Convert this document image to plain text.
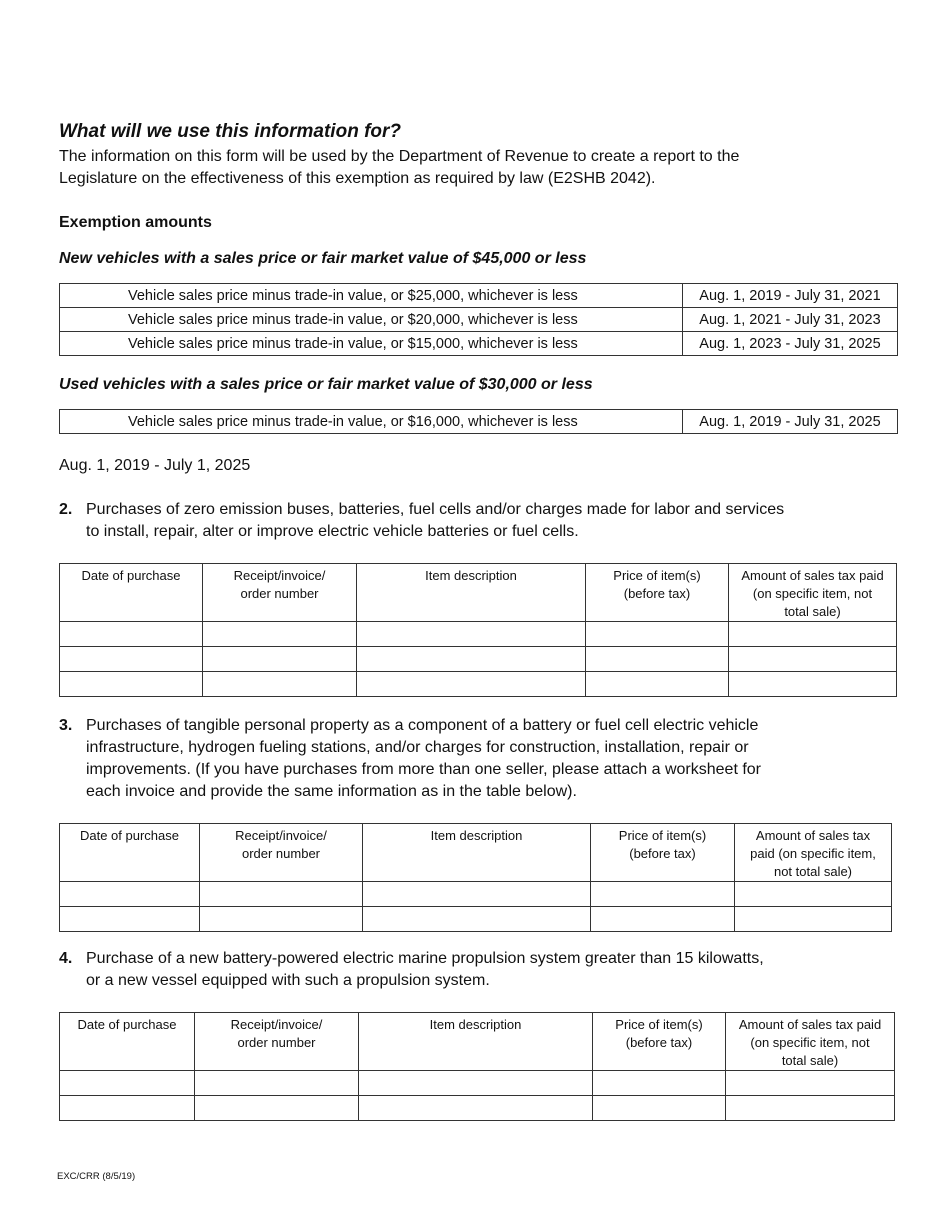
What will we use this information for?

The information on this form will be used by the Department of Revenue to create a report to the
Legislature on the effectiveness of this exemption as required by law (E2SHB 2042).

Exemption amounts
New vehicles with a sales price or fair market value of $45,000 or less
Vehicle sales price minus trade-in value, or $25,000, whichever is less	Aug. 1, 2019 - July 31, 2021
Vehicle sales price minus trade-in value, or $20,000, whichever is less	Aug. 1, 2021 - July 31, 2023
Vehicle sales price minus trade-in value, or $15,000, whichever is less	Aug. 1, 2023 - July 31, 2025
Used vehicles with a sales price or fair market value of $30,000 or less
Vehicle sales price minus trade-in value, or $16,000, whichever is less	Aug. 1, 2019 - July 31, 2025

Aug. 1, 2019 - July 1, 2025

2. Purchases of zero emission buses, batteries, fuel cells and/or charges made for labor and services
to install, repair, alter or improve electric vehicle batteries or fuel cells.
Date of purchase	Receipt/invoice/
order number	Item description	Price of item(s)
(before tax)	Amount of sales tax paid
(on specific item, not
total sale)

3. Purchases of tangible personal property as a component of a battery or fuel cell electric vehicle
infrastructure, hydrogen fueling stations, and/or charges for construction, installation, repair or
improvements. (If you have purchases from more than one seller, please attach a worksheet for
each invoice and provide the same information as in the table below).
Date of purchase	Receipt/invoice/
order number	Item description	Price of item(s)
(before tax)	Amount of sales tax
paid (on specific item,
not total sale)

4. Purchase of a new battery-powered electric marine propulsion system greater than 15 kilowatts,
or a new vessel equipped with such a propulsion system.
Date of purchase	Receipt/invoice/
order number	Item description	Price of item(s)
(before tax)	Amount of sales tax paid
(on specific item, not
total sale)

EXC/CRR (8/5/19)
